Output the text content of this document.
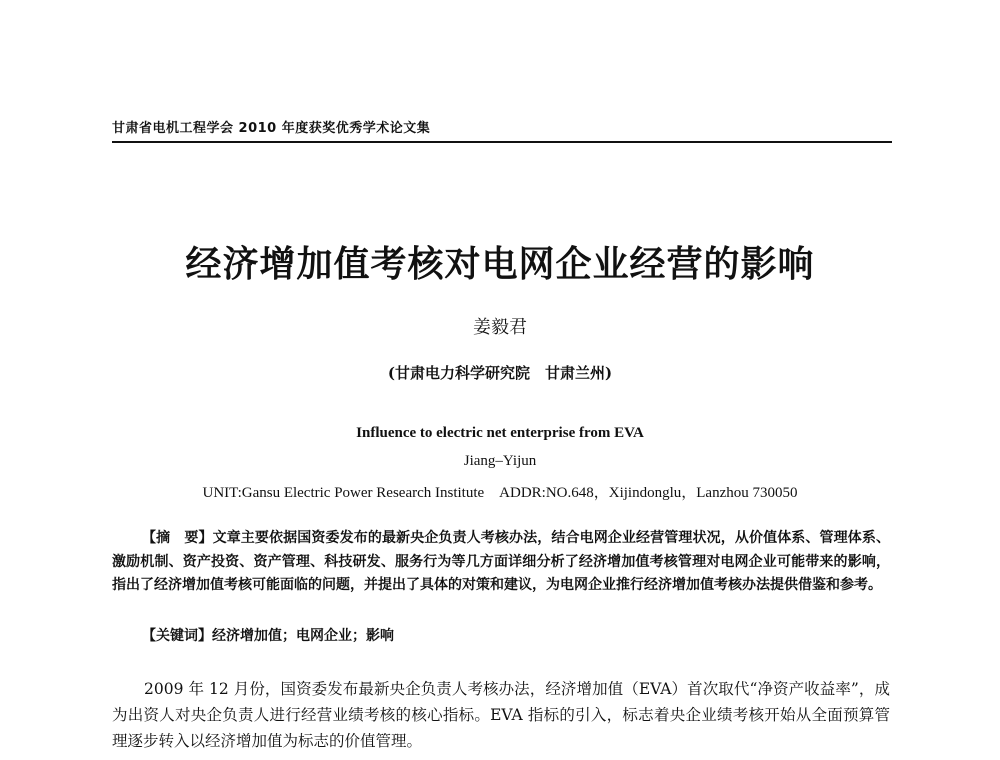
甘肃省电机工程学会 2010 年度获奖优秀学术论文集
经济增加值考核对电网企业经营的影响
姜毅君
(甘肃电力科学研究院　甘肃兰州)
Influence to electric net enterprise from EVA
Jiang–Yijun
UNIT:Gansu Electric Power Research Institute　ADDR:NO.648，Xijindonglu，Lanzhou 730050

【摘　要】文章主要依据国资委发布的最新央企负责人考核办法，结合电网企业经营管理状况，从价值体系、管理体系、激励机制、资产投资、资产管理、科技研发、服务行为等几方面详细分析了经济增加值考核管理对电网企业可能带来的影响，指出了经济增加值考核可能面临的问题，并提出了具体的对策和建议，为电网企业推行经济增加值考核办法提供借鉴和参考。

【关键词】经济增加值；电网企业；影响

2009 年 12 月份，国资委发布最新央企负责人考核办法，经济增加值（EVA）首次取代“净资产收益率”，成为出资人对央企负责人进行经营业绩考核的核心指标。EVA 指标的引入，标志着央企业绩考核开始从全面预算管理逐步转入以经济增加值为标志的价值管理。
